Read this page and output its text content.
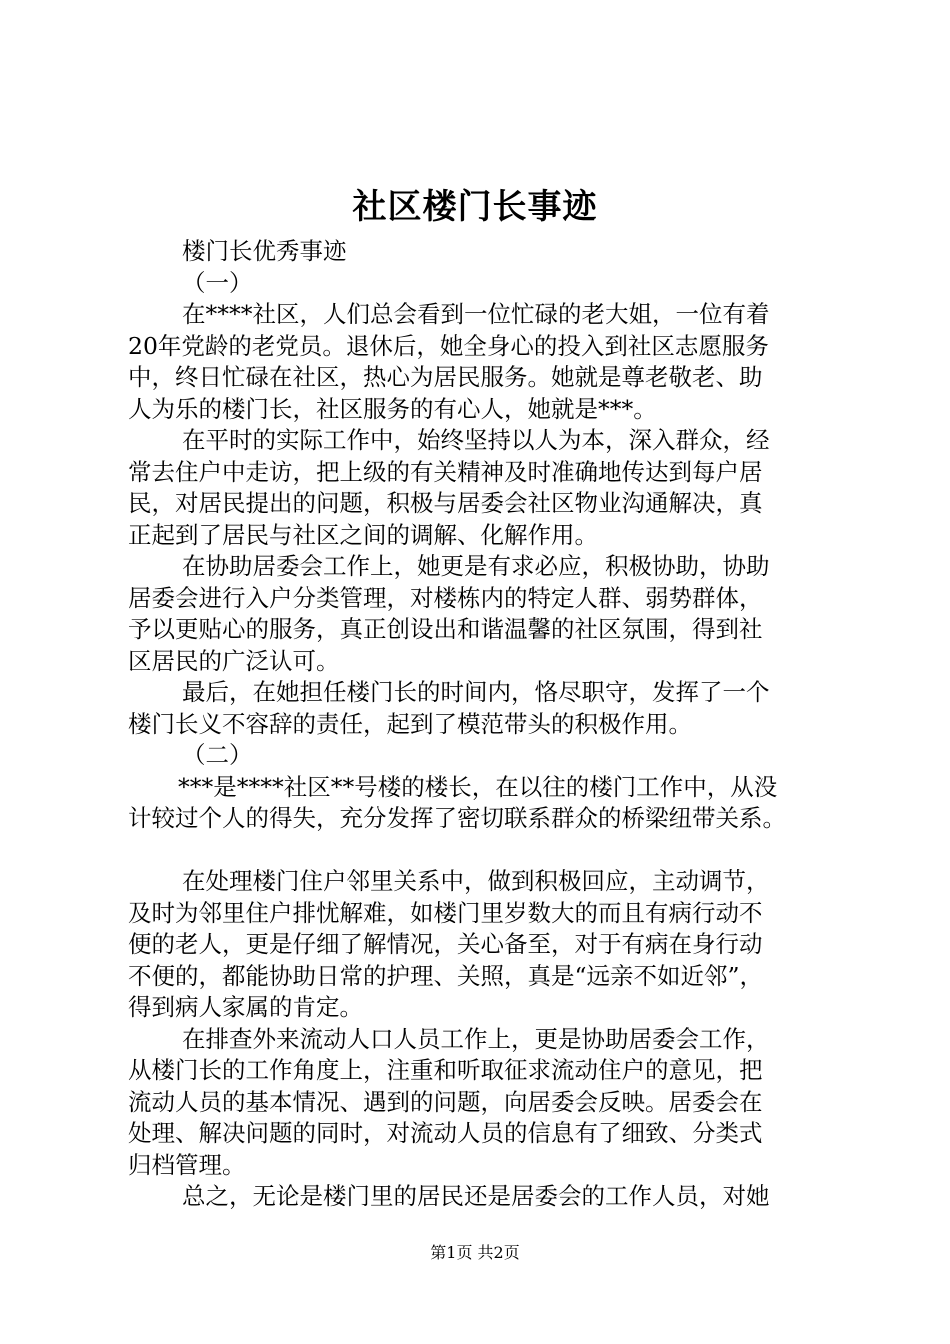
社区楼门长事迹
楼门长优秀事迹
（一）
在****社区，人们总会看到一位忙碌的老大姐，一位有着
20年党龄的老党员。退休后，她全身心的投入到社区志愿服务
中，终日忙碌在社区，热心为居民服务。她就是尊老敬老、助
人为乐的楼门长，社区服务的有心人，她就是***。
在平时的实际工作中，始终坚持以人为本，深入群众，经
常去住户中走访，把上级的有关精神及时准确地传达到每户居
民，对居民提出的问题，积极与居委会社区物业沟通解决，真
正起到了居民与社区之间的调解、化解作用。
在协助居委会工作上，她更是有求必应，积极协助，协助
居委会进行入户分类管理，对楼栋内的特定人群、弱势群体，
予以更贴心的服务，真正创设出和谐温馨的社区氛围，得到社
区居民的广泛认可。
最后，在她担任楼门长的时间内，恪尽职守，发挥了一个
楼门长义不容辞的责任，起到了模范带头的积极作用。
（二）
***是****社区**号楼的楼长，在以往的楼门工作中，从没
计较过个人的得失，充分发挥了密切联系群众的桥梁纽带关系。
在处理楼门住户邻里关系中，做到积极回应，主动调节，
及时为邻里住户排忧解难，如楼门里岁数大的而且有病行动不
便的老人，更是仔细了解情况，关心备至，对于有病在身行动
不便的，都能协助日常的护理、关照，真是“远亲不如近邻”，
得到病人家属的肯定。
在排查外来流动人口人员工作上，更是协助居委会工作，
从楼门长的工作角度上，注重和听取征求流动住户的意见，把
流动人员的基本情况、遇到的问题，向居委会反映。居委会在
处理、解决问题的同时，对流动人员的信息有了细致、分类式
归档管理。
总之，无论是楼门里的居民还是居委会的工作人员，对她
第1页 共2页
